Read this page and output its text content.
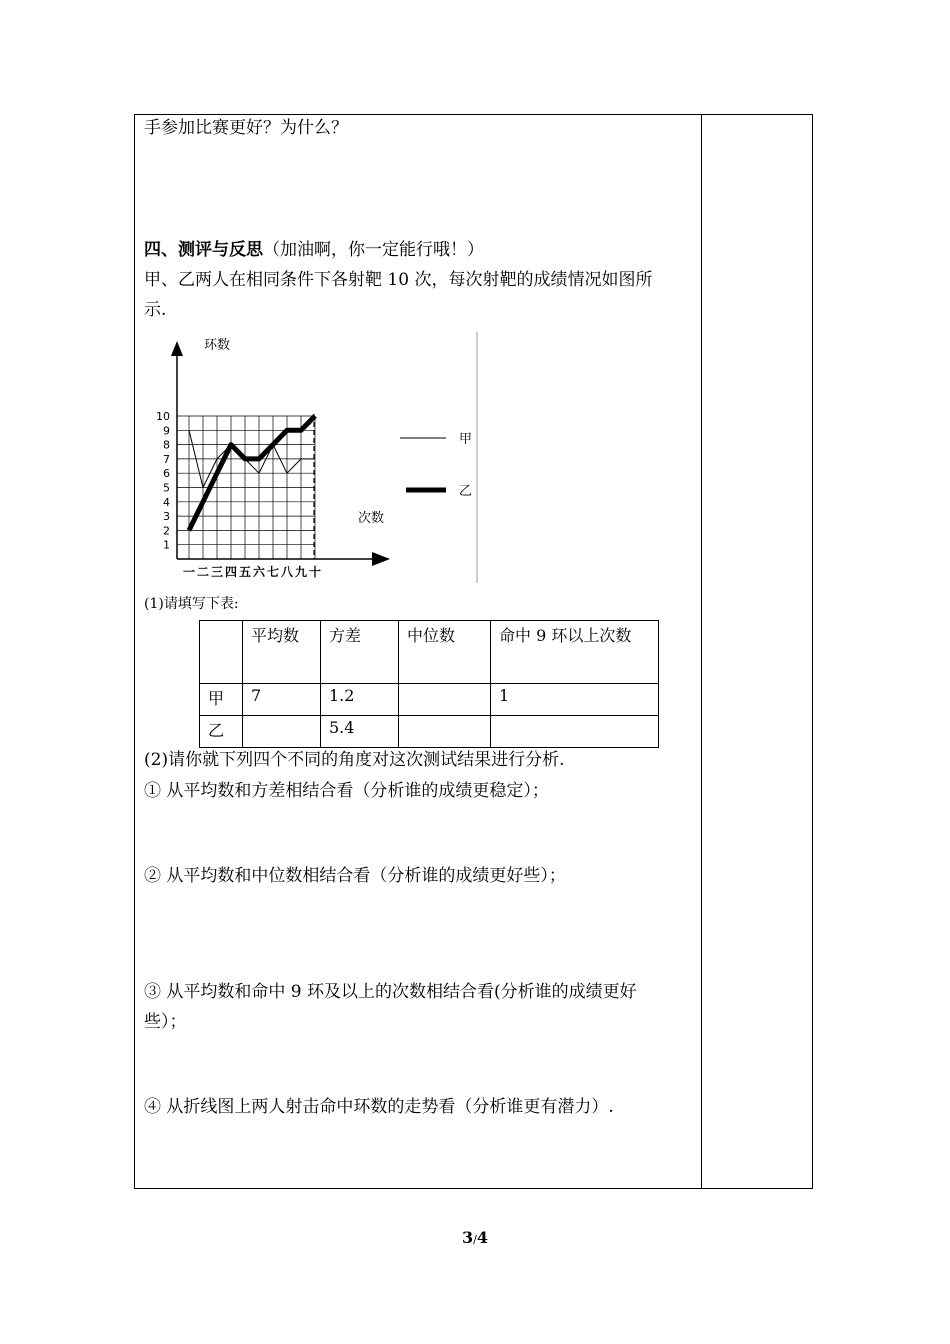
手参加比赛更好？为什么？
四、测评与反思（加油啊，你一定能行哦！）
甲、乙两人在相同条件下各射靶 10 次，每次射靶的成绩情况如图所
示.
环数
次数
1
2
3
4
5
6
7
8
9
10
一 二 三 四 五 六 七 八 九 十
甲
乙
(1)请填写下表:
	平均数	方差	中位数	命中 9 环以上次数
甲	7	1.2		1
乙		5.4		
(2)请你就下列四个不同的角度对这次测试结果进行分析.
① 从平均数和方差相结合看（分析谁的成绩更稳定）；
② 从平均数和中位数相结合看（分析谁的成绩更好些）；
③ 从平均数和命中 9 环及以上的次数相结合看(分析谁的成绩更好
些）；
④ 从折线图上两人射击命中环数的走势看（分析谁更有潜力）.
3/4
